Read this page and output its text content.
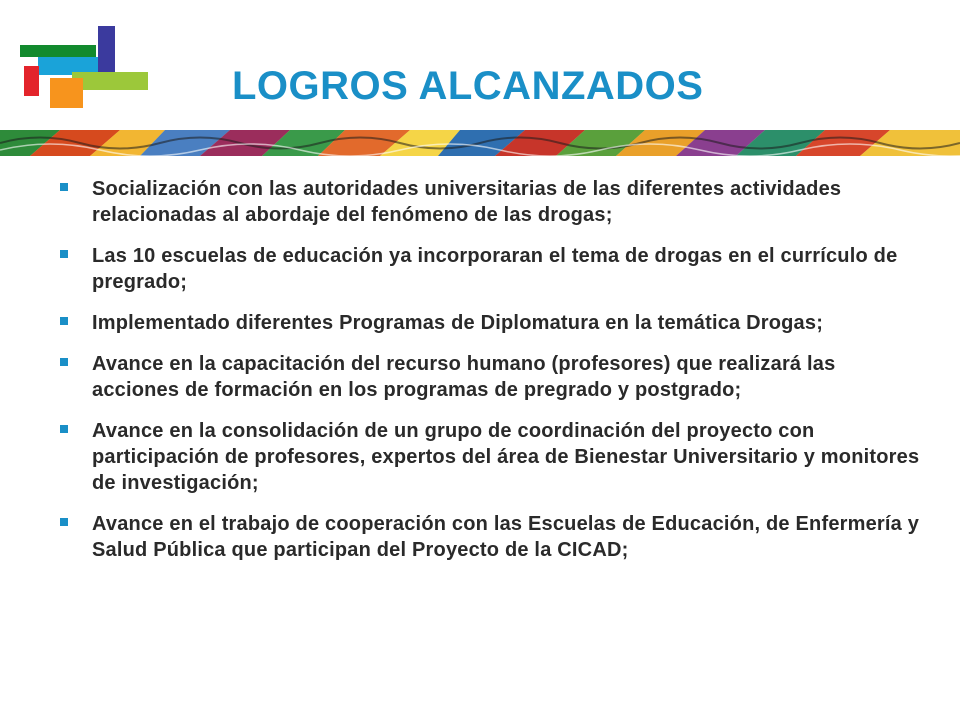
LOGROS ALCANZADOS
Socialización con las autoridades universitarias de las diferentes actividades relacionadas al abordaje del fenómeno de las drogas;
Las 10 escuelas de educación ya incorporaran el tema de drogas en el currículo de pregrado;
Implementado diferentes Programas de Diplomatura en la temática Drogas;
Avance en la capacitación del recurso humano (profesores) que realizará las acciones de formación en los programas de pregrado y postgrado;
Avance en la consolidación de un grupo de coordinación del proyecto con participación de profesores, expertos del área de Bienestar Universitario y monitores de investigación;
Avance en el trabajo de cooperación con las Escuelas de Educación, de Enfermería y Salud Pública que participan del Proyecto de la CICAD;
